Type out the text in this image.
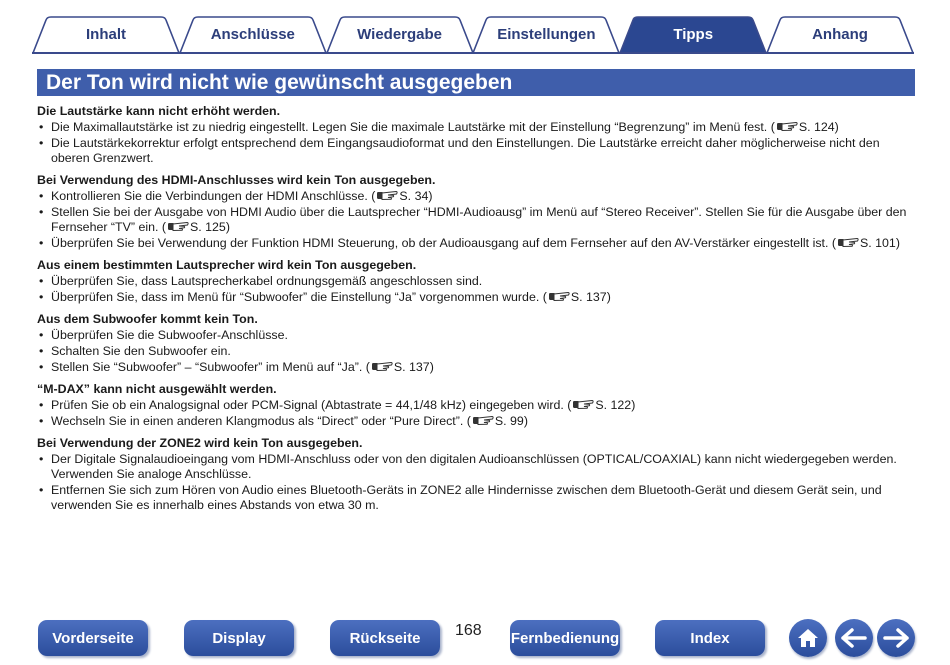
Inhalt	Anschlüsse	Wiedergabe	Einstellungen	Tipps	Anhang
Der Ton wird nicht wie gewünscht ausgegeben
Die Lautstärke kann nicht erhöht werden.
• Die Maximallautstärke ist zu niedrig eingestellt. Legen Sie die maximale Lautstärke mit der Einstellung “Begrenzung” im Menü fest. ( S. 124)
• Die Lautstärkekorrektur erfolgt entsprechend dem Eingangsaudioformat und den Einstellungen. Die Lautstärke erreicht daher möglicherweise nicht den oberen Grenzwert.
Bei Verwendung des HDMI-Anschlusses wird kein Ton ausgegeben.
• Kontrollieren Sie die Verbindungen der HDMI Anschlüsse. ( S. 34)
• Stellen Sie bei der Ausgabe von HDMI Audio über die Lautsprecher “HDMI-Audioausg” im Menü auf “Stereo Receiver”. Stellen Sie für die Ausgabe über den Fernseher “TV” ein. ( S. 125)
• Überprüfen Sie bei Verwendung der Funktion HDMI Steuerung, ob der Audioausgang auf dem Fernseher auf den AV-Verstärker eingestellt ist. ( S. 101)
Aus einem bestimmten Lautsprecher wird kein Ton ausgegeben.
• Überprüfen Sie, dass Lautsprecherkabel ordnungsgemäß angeschlossen sind.
• Überprüfen Sie, dass im Menü für “Subwoofer” die Einstellung “Ja” vorgenommen wurde. ( S. 137)
Aus dem Subwoofer kommt kein Ton.
• Überprüfen Sie die Subwoofer-Anschlüsse.
• Schalten Sie den Subwoofer ein.
• Stellen Sie “Subwoofer” – “Subwoofer” im Menü auf “Ja”. ( S. 137)
“M-DAX” kann nicht ausgewählt werden.
• Prüfen Sie ob ein Analogsignal oder PCM-Signal (Abtastrate = 44,1/48 kHz) eingegeben wird. ( S. 122)
• Wechseln Sie in einen anderen Klangmodus als “Direct” oder “Pure Direct”. ( S. 99)
Bei Verwendung der ZONE2 wird kein Ton ausgegeben.
• Der Digitale Signalaudioeingang vom HDMI-Anschluss oder von den digitalen Audioanschlüssen (OPTICAL/COAXIAL) kann nicht wiedergegeben werden. Verwenden Sie analoge Anschlüsse.
• Entfernen Sie sich zum Hören von Audio eines Bluetooth-Geräts in ZONE2 alle Hindernisse zwischen dem Bluetooth-Gerät und diesem Gerät sein, und verwenden Sie es innerhalb eines Abstands von etwa 30 m.
Vorderseite	Display	Rückseite	168 Fernbedienung	Index
